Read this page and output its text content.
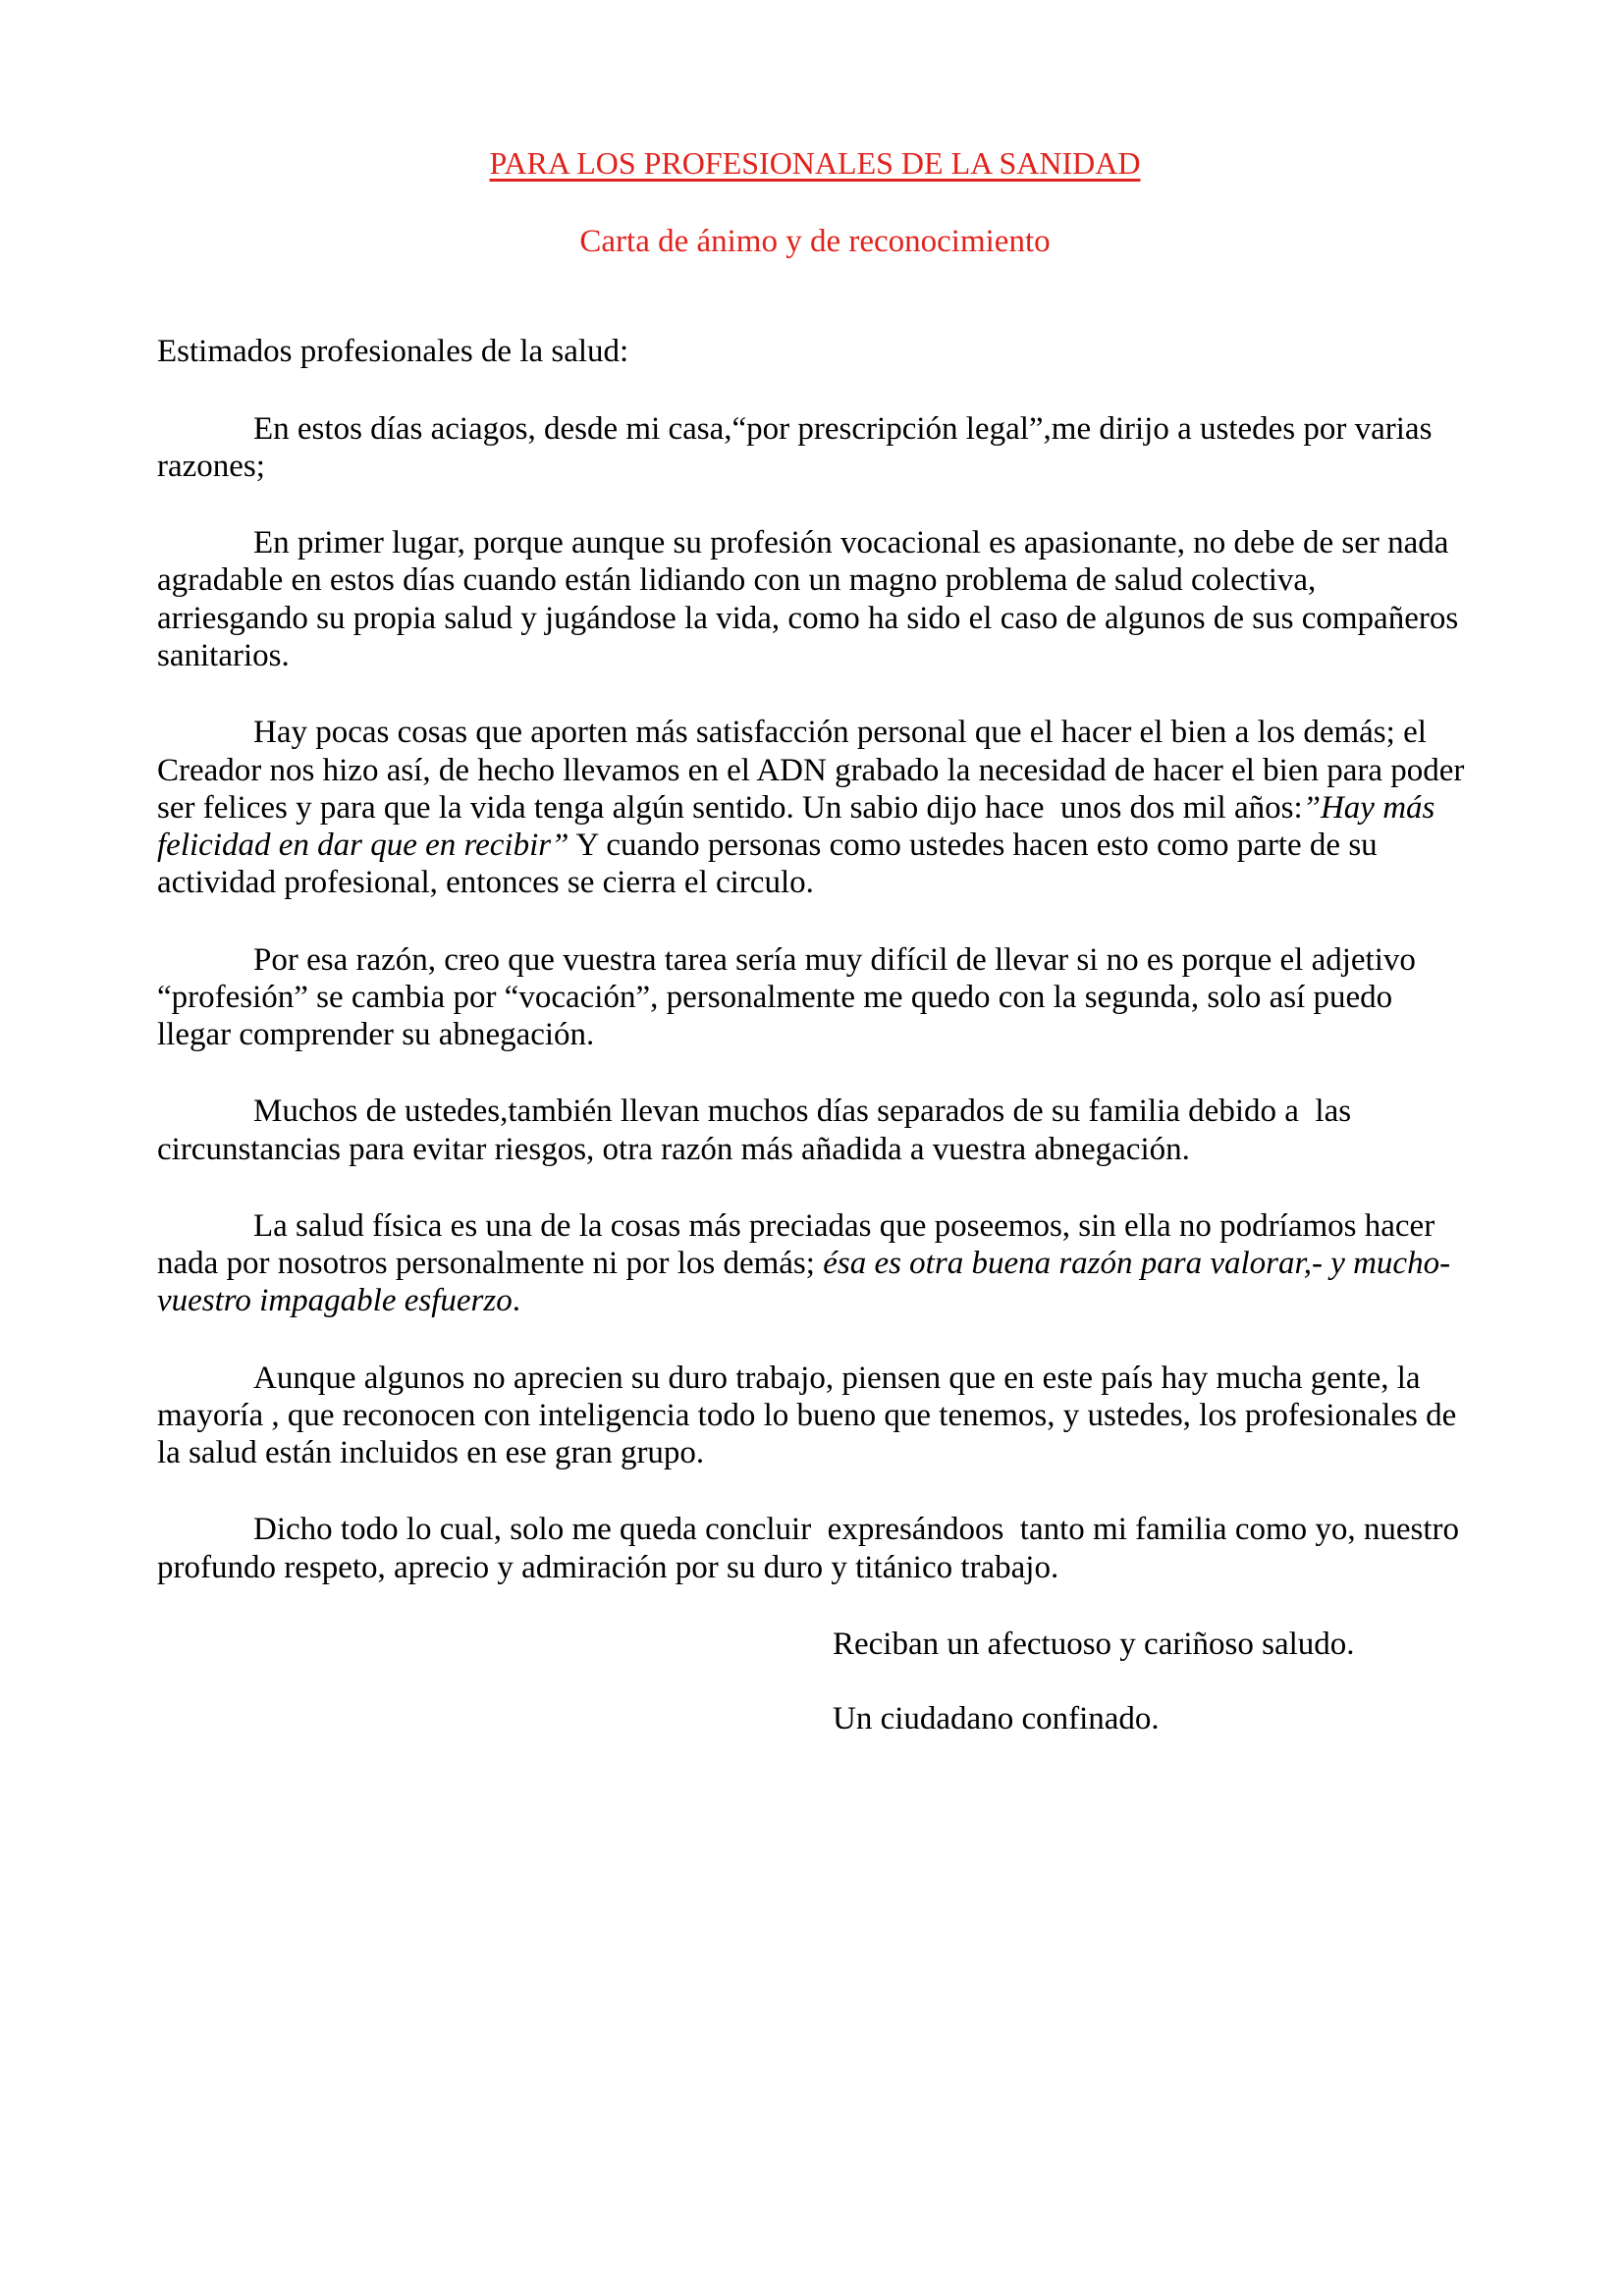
PARA LOS PROFESIONALES DE LA SANIDAD
Carta de ánimo y de reconocimiento

Estimados profesionales de la salud:

En estos días aciagos, desde mi casa,“por prescripción legal”,me dirijo a ustedes por varias razones;

En primer lugar, porque aunque su profesión vocacional es apasionante, no debe de ser nada agradable en estos días cuando están lidiando con un magno problema de salud colectiva, arriesgando su propia salud y jugándose la vida, como ha sido el caso de algunos de sus compañeros sanitarios.

Hay pocas cosas que aporten más satisfacción personal que el hacer el bien a los demás; el Creador nos hizo así, de hecho llevamos en el ADN grabado la necesidad de hacer el bien para poder ser felices y para que la vida tenga algún sentido. Un sabio dijo hace  unos dos mil años:”Hay más felicidad en dar que en recibir” Y cuando personas como ustedes hacen esto como parte de su actividad profesional, entonces se cierra el circulo.

Por esa razón, creo que vuestra tarea sería muy difícil de llevar si no es porque el adjetivo “profesión” se cambia por “vocación”, personalmente me quedo con la segunda, solo así puedo llegar comprender su abnegación.

Muchos de ustedes,también llevan muchos días separados de su familia debido a  las circunstancias para evitar riesgos, otra razón más añadida a vuestra abnegación.

La salud física es una de la cosas más preciadas que poseemos, sin ella no podríamos hacer nada por nosotros personalmente ni por los demás; ésa es otra buena razón para valorar,- y mucho- vuestro impagable esfuerzo.

Aunque algunos no aprecien su duro trabajo, piensen que en este país hay mucha gente, la mayoría , que reconocen con inteligencia todo lo bueno que tenemos, y ustedes, los profesionales de la salud están incluidos en ese gran grupo.

Dicho todo lo cual, solo me queda concluir  expresándoos  tanto mi familia como yo, nuestro profundo respeto, aprecio y admiración por su duro y titánico trabajo.

Reciban un afectuoso y cariñoso saludo.

Un ciudadano confinado.
